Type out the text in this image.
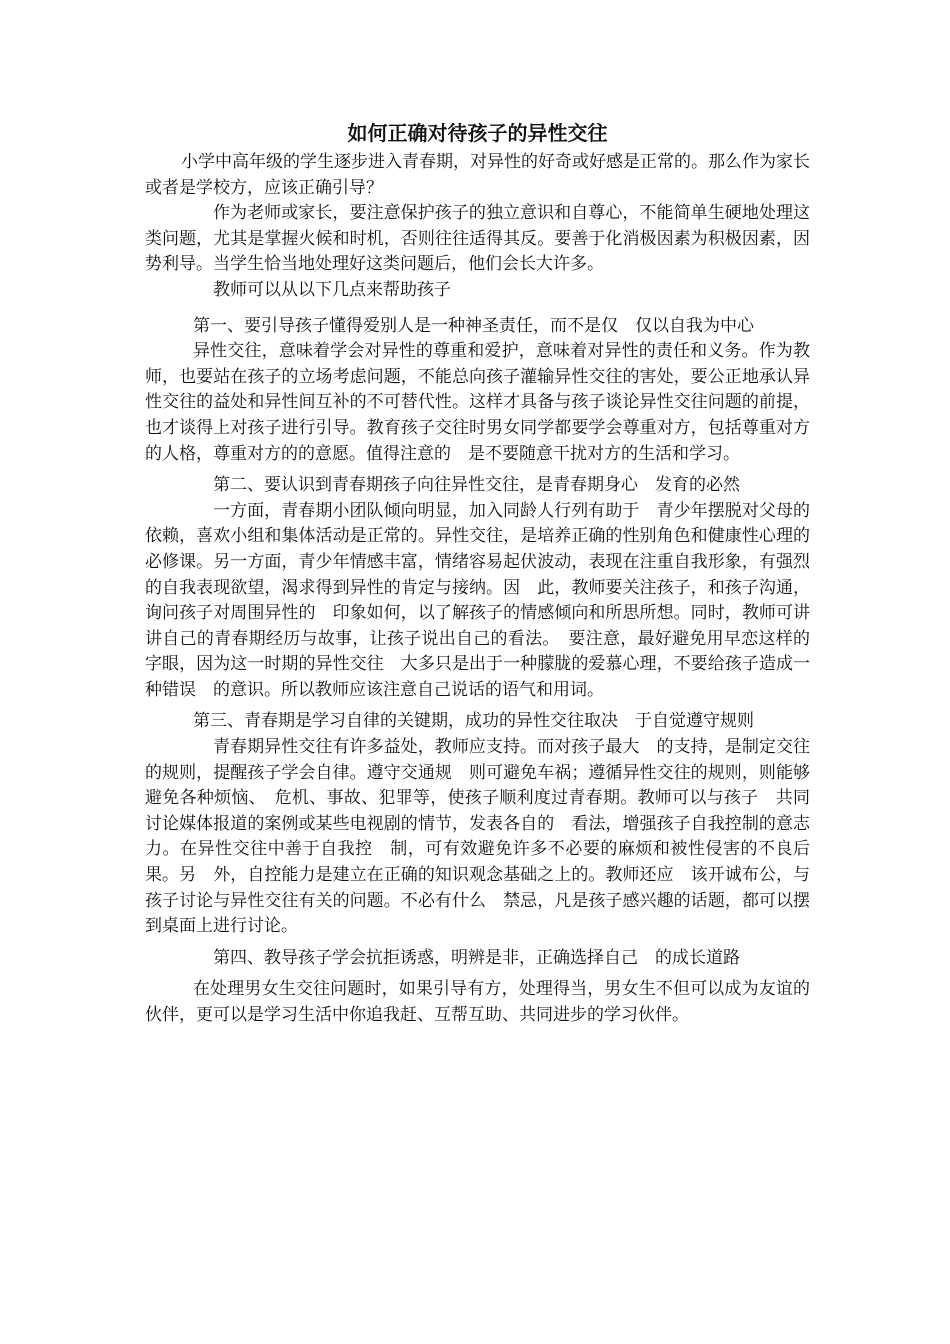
如何正确对待孩子的异性交往

小学中高年级的学生逐步进入青春期，对异性的好奇或好感是正常的。那么作为家长或者是学校方，应该正确引导？

作为老师或家长，要注意保护孩子的独立意识和自尊心，不能简单生硬地处理这类问题，尤其是掌握火候和时机，否则往往适得其反。要善于化消极因素为积极因素，因势利导。当学生恰当地处理好这类问题后，他们会长大许多。

教师可以从以下几点来帮助孩子

第一、要引导孩子懂得爱别人是一种神圣责任，而不是仅　仅以自我为中心

异性交往，意味着学会对异性的尊重和爱护，意味着对异性的责任和义务。作为教师，也要站在孩子的立场考虑问题，不能总向孩子灌输异性交往的害处，要公正地承认异性交往的益处和异性间互补的不可替代性。这样才具备与孩子谈论异性交往问题的前提，也才谈得上对孩子进行引导。教育孩子交往时男女同学都要学会尊重对方，包括尊重对方的人格，尊重对方的的意愿。值得注意的　是不要随意干扰对方的生活和学习。

第二、要认识到青春期孩子向往异性交往，是青春期身心　发育的必然

一方面，青春期小团队倾向明显，加入同龄人行列有助于　青少年摆脱对父母的依赖，喜欢小组和集体活动是正常的。异性交往，是培养正确的性别角色和健康性心理的必修课。另一方面，青少年情感丰富，情绪容易起伏波动，表现在注重自我形象，有强烈的自我表现欲望，渴求得到异性的肯定与接纳。因　此，教师要关注孩子，和孩子沟通，询问孩子对周围异性的　印象如何，以了解孩子的情感倾向和所思所想。同时，教师可讲　讲自己的青春期经历与故事，让孩子说出自己的看法。　要注意，最好避免用早恋这样的字眼，因为这一时期的异性交往　大多只是出于一种朦胧的爱慕心理，不要给孩子造成一种错误　的意识。所以教师应该注意自己说话的语气和用词。

第三、青春期是学习自律的关键期，成功的异性交往取决　于自觉遵守规则

青春期异性交往有许多益处，教师应支持。而对孩子最大　的支持，是制定交往的规则，提醒孩子学会自律。遵守交通规　则可避免车祸；遵循异性交往的规则，则能够避免各种烦恼、　危机、事故、犯罪等，使孩子顺利度过青春期。教师可以与孩子　共同讨论媒体报道的案例或某些电视剧的情节，发表各自的　看法，增强孩子自我控制的意志力。在异性交往中善于自我控　制，可有效避免许多不必要的麻烦和被性侵害的不良后果。另　外，自控能力是建立在正确的知识观念基础之上的。教师还应　该开诚布公，与孩子讨论与异性交往有关的问题。不必有什么　禁忌，凡是孩子感兴趣的话题，都可以摆到桌面上进行讨论。

第四、教导孩子学会抗拒诱惑，明辨是非，正确选择自己　的成长道路

在处理男女生交往问题时，如果引导有方，处理得当，男女生不但可以成为友谊的伙伴，更可以是学习生活中你追我赶、互帮互助、共同进步的学习伙伴。
